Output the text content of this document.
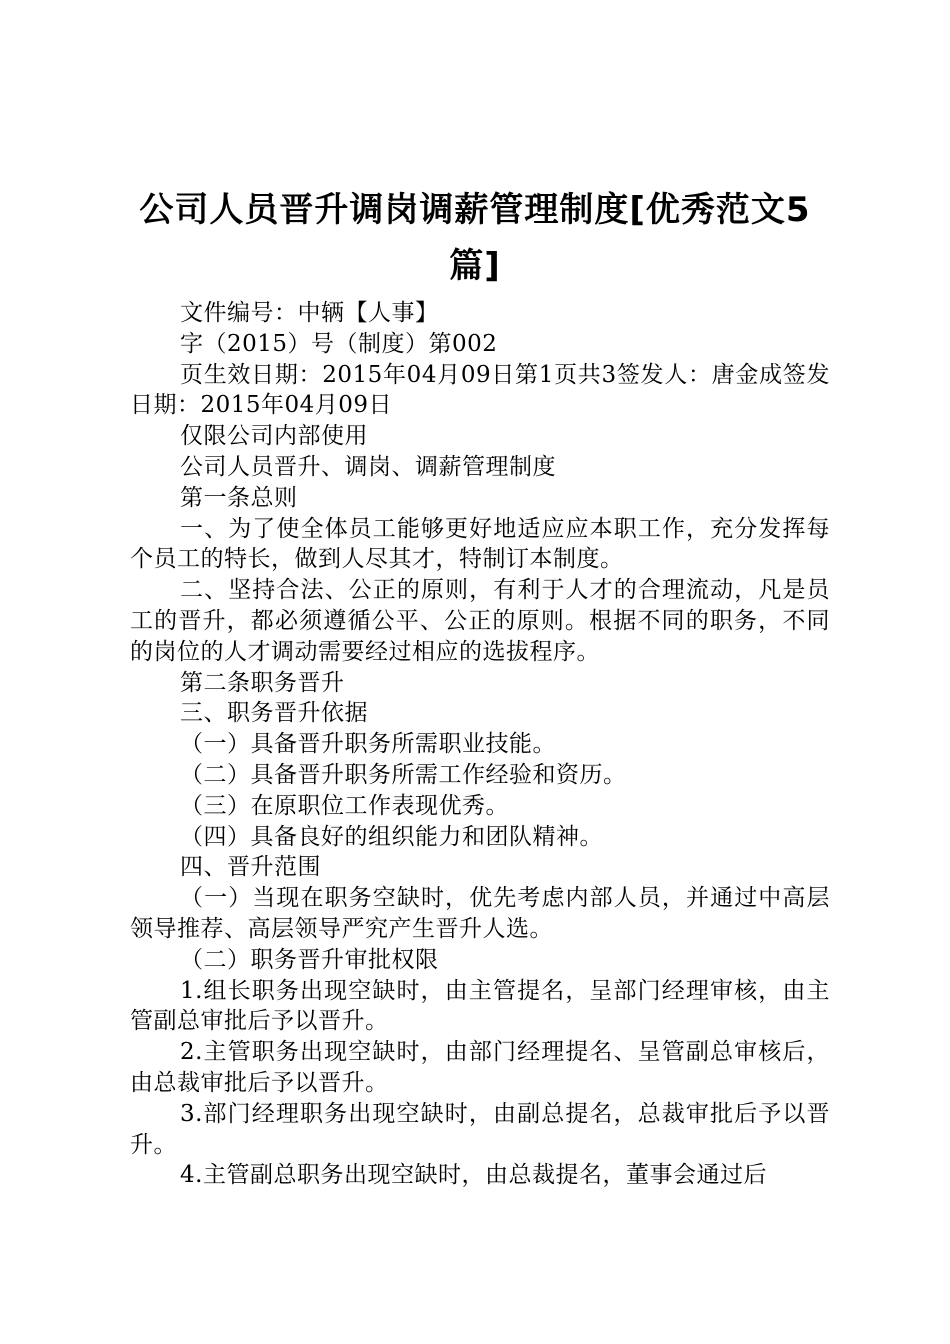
公司人员晋升调岗调薪管理制度[优秀范文5篇]

文件编号：中辆【人事】

字（2015）号（制度）第002

页生效日期：2015年04月09日第1页共3签发人：唐金成签发日期：2015年04月09日

仅限公司内部使用

公司人员晋升、调岗、调薪管理制度

第一条总则

一、为了使全体员工能够更好地适应应本职工作，充分发挥每个员工的特长，做到人尽其才，特制订本制度。

二、坚持合法、公正的原则，有利于人才的合理流动，凡是员工的晋升，都必须遵循公平、公正的原则。根据不同的职务，不同的岗位的人才调动需要经过相应的选拔程序。

第二条职务晋升

三、职务晋升依据

（一）具备晋升职务所需职业技能。

（二）具备晋升职务所需工作经验和资历。

（三）在原职位工作表现优秀。

（四）具备良好的组织能力和团队精神。

四、晋升范围

（一）当现在职务空缺时，优先考虑内部人员，并通过中高层领导推荐、高层领导严究产生晋升人选。

（二）职务晋升审批权限

1.组长职务出现空缺时，由主管提名，呈部门经理审核，由主管副总审批后予以晋升。

2.主管职务出现空缺时，由部门经理提名、呈管副总审核后，由总裁审批后予以晋升。

3.部门经理职务出现空缺时，由副总提名，总裁审批后予以晋升。

4.主管副总职务出现空缺时，由总裁提名，董事会通过后
